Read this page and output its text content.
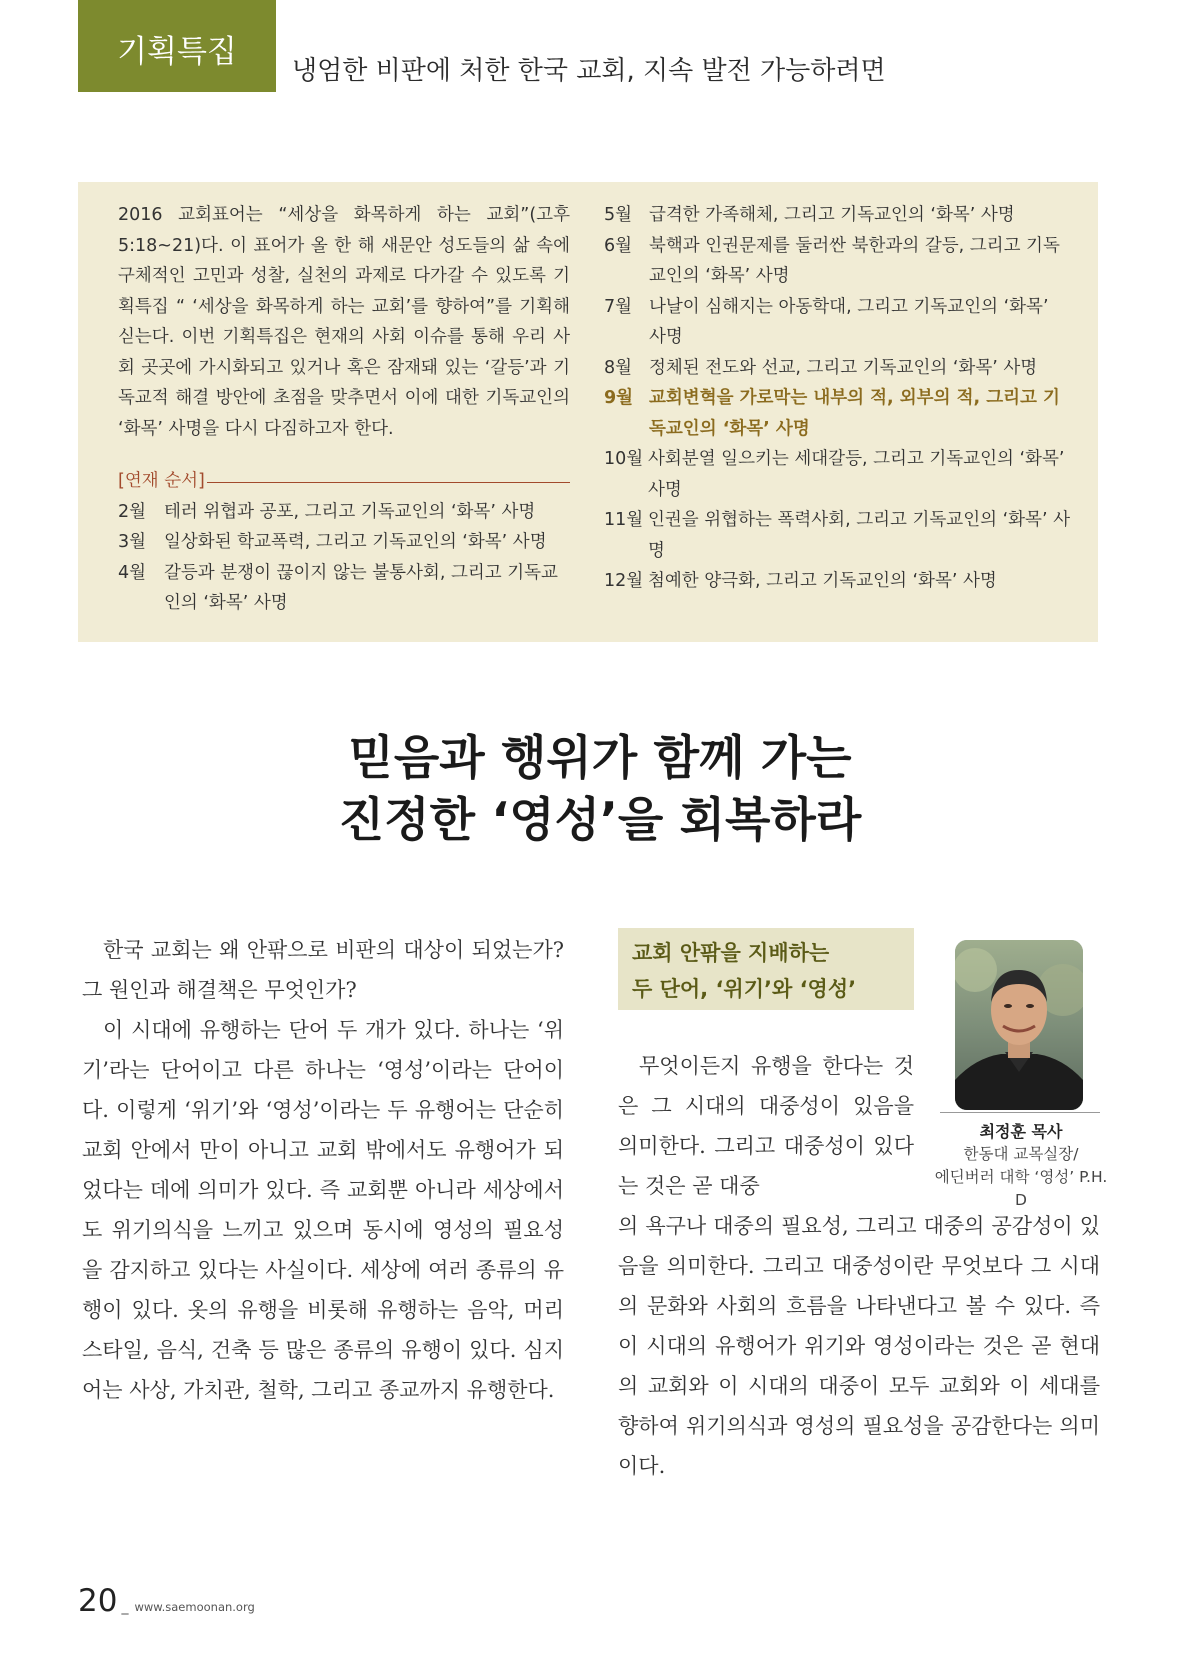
기획특집
냉엄한 비판에 처한 한국 교회, 지속 발전 가능하려면
2016 교회표어는 “세상을 화목하게 하는 교회”(고후 5:18~21)다. 이 표어가 올 한 해 새문안 성도들의 삶 속에 구체적인 고민과 성찰, 실천의 과제로 다가갈 수 있도록 기획특집 “ ‘세상을 화목하게 하는 교회’를 향하여”를 기획해 싣는다. 이번 기획특집은 현재의 사회 이슈를 통해 우리 사회 곳곳에 가시화되고 있거나 혹은 잠재돼 있는 ‘갈등’과 기독교적 해결 방안에 초점을 맞추면서 이에 대한 기독교인의 ‘화목’ 사명을 다시 다짐하고자 한다.
[연재 순서]
2월	테러 위협과 공포, 그리고 기독교인의 ‘화목’ 사명
3월	일상화된 학교폭력, 그리고 기독교인의 ‘화목’ 사명
4월	갈등과 분쟁이 끊이지 않는 불통사회, 그리고 기독교인의 ‘화목’ 사명
5월 급격한 가족해체, 그리고 기독교인의 ‘화목’ 사명
6월 북핵과 인권문제를 둘러싼 북한과의 갈등, 그리고 기독교인의 ‘화목’ 사명
7월 나날이 심해지는 아동학대, 그리고 기독교인의 ‘화목’ 사명
8월 정체된 전도와 선교, 그리고 기독교인의 ‘화목’ 사명
9월 교회변혁을 가로막는 내부의 적, 외부의 적, 그리고 기독교인의 ‘화목’ 사명
10월 사회분열 일으키는 세대갈등, 그리고 기독교인의 ‘화목’ 사명
11월 인권을 위협하는 폭력사회, 그리고 기독교인의 ‘화목’ 사명
12월 첨예한 양극화, 그리고 기독교인의 ‘화목’ 사명
믿음과 행위가 함께 가는
진정한 ‘영성’을 회복하라

한국 교회는 왜 안팎으로 비판의 대상이 되었는가? 그 원인과 해결책은 무엇인가?

이 시대에 유행하는 단어 두 개가 있다. 하나는 ‘위기’라는 단어이고 다른 하나는 ‘영성’이라는 단어이다. 이렇게 ‘위기’와 ‘영성’이라는 두 유행어는 단순히 교회 안에서 만이 아니고 교회 밖에서도 유행어가 되었다는 데에 의미가 있다. 즉 교회뿐 아니라 세상에서도 위기의식을 느끼고 있으며 동시에 영성의 필요성을 감지하고 있다는 사실이다. 세상에 여러 종류의 유행이 있다. 옷의 유행을 비롯해 유행하는 음악, 머리 스타일, 음식, 건축 등 많은 종류의 유행이 있다. 심지어는 사상, 가치관, 철학, 그리고 종교까지 유행한다.

교회 안팎을 지배하는
두 단어, ‘위기’와 ‘영성’
무엇이든지 유행을 한다는 것은 그 시대의 대중성이 있음을 의미한다. 그리고 대중성이 있다는 것은 곧 대중
의 욕구나 대중의 필요성, 그리고 대중의 공감성이 있음을 의미한다. 그리고 대중성이란 무엇보다 그 시대의 문화와 사회의 흐름을 나타낸다고 볼 수 있다. 즉 이 시대의 유행어가 위기와 영성이라는 것은 곧 현대의 교회와 이 시대의 대중이 모두 교회와 이 세대를 향하여 위기의식과 영성의 필요성을 공감한다는 의미이다.
최정훈 목사
한동대 교목실장/
에딘버러 대학 ‘영성’ P.H. D
20 _ www.saemoonan.org
